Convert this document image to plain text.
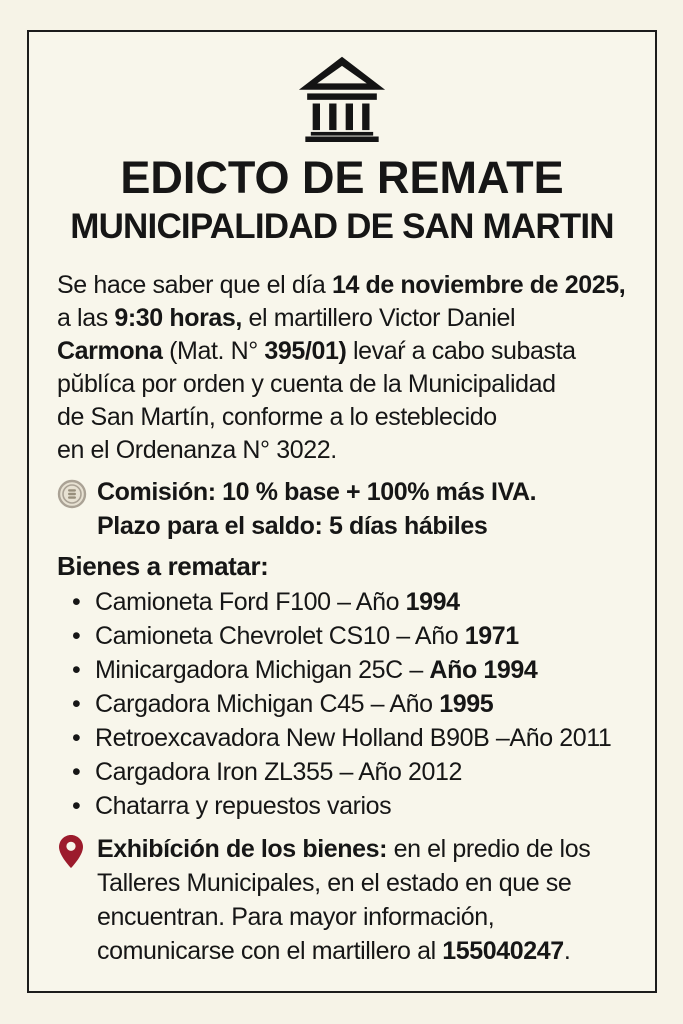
EDICTO DE REMATE
MUNICIPALIDAD DE SAN MARTIN
Se hace saber que el día 14 de noviembre de 2025,
a las 9:30 horas, el martillero Victor Daniel
Carmona (Mat. N° 395/01) levaŕ a cabo subasta
pŭblíca por orden y cuenta de la Municipalidad
de San Martín, conforme a lo esteblecido
en el Ordenanza N° 3022.
Comisión: 10 % base + 100% más IVA.
Plazo para el saldo: 5 días hábiles
Bienes a rematar:
• Camioneta Ford F100 – Año 1994
• Camioneta Chevrolet CS10 – Año 1971
• Minicargadora Michigan 25C – Año 1994
• Cargadora Michigan C45 – Año 1995
• Retroexcavadora New Holland B90B –Año 2011
• Cargadora Iron ZL355 – Año 2012
• Chatarra y repuestos varios
Exhibíción de los bienes: en el predio de los
Talleres Municipales, en el estado en que se
encuentran. Para mayor información,
comunicarse con el martillero al 155040247.
